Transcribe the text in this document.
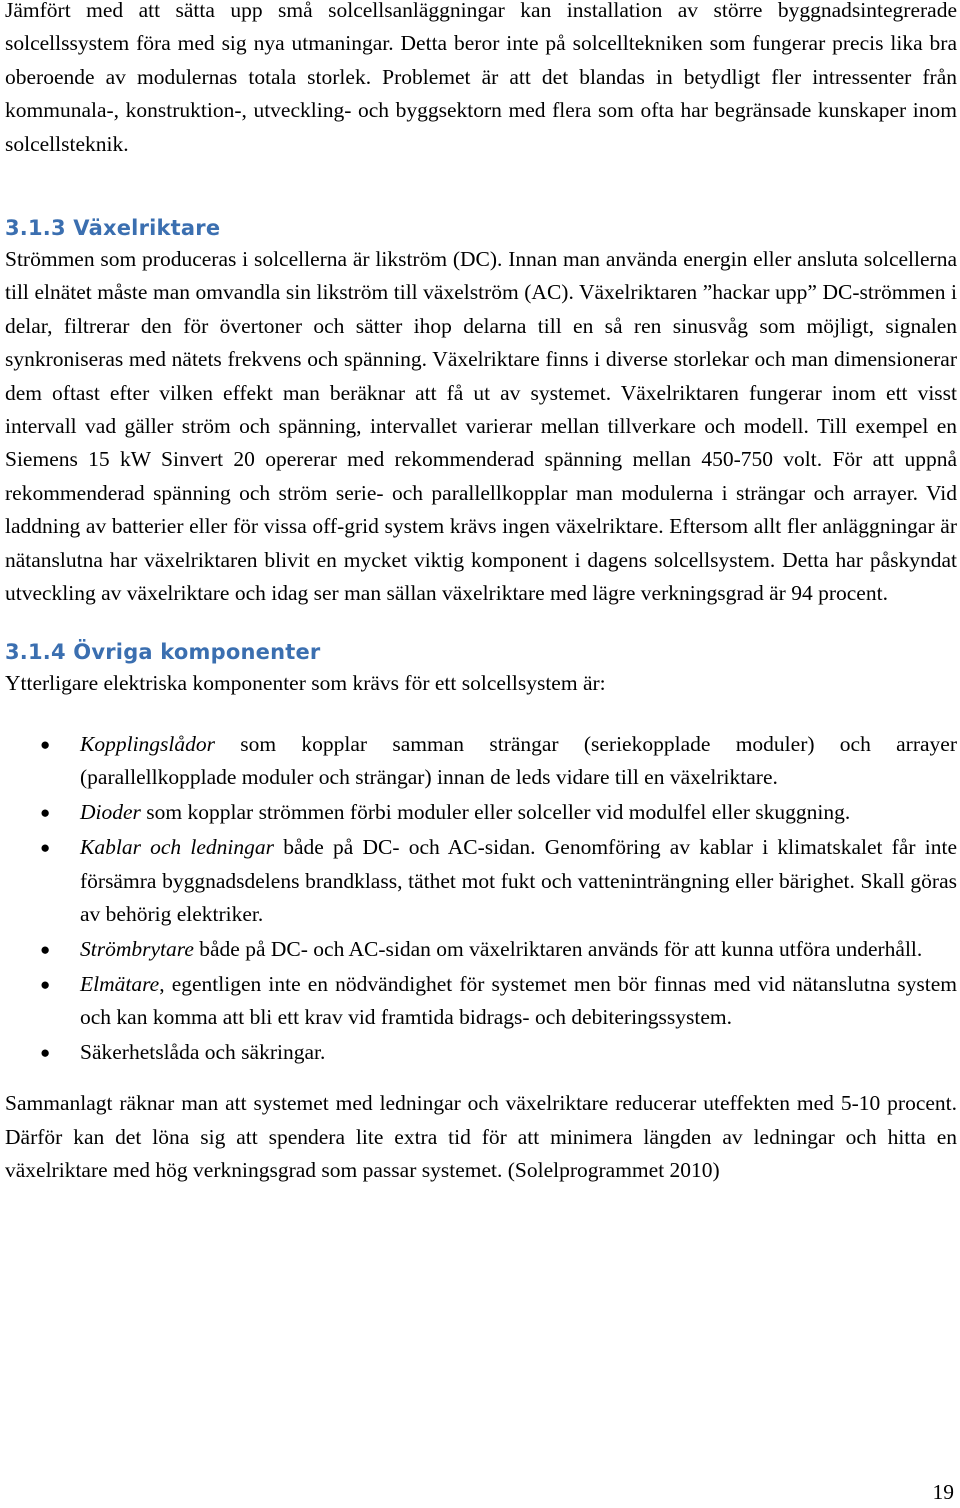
Jämfört med att sätta upp små solcellsanläggningar kan installation av större byggnadsintegrerade solcellssystem föra med sig nya utmaningar. Detta beror inte på solcelltekniken som fungerar precis lika bra oberoende av modulernas totala storlek. Problemet är att det blandas in betydligt fler intressenter från kommunala-, konstruktion-, utveckling- och byggsektorn med flera som ofta har begränsade kunskaper inom solcellsteknik.

3.1.3 Växelriktare

Strömmen som produceras i solcellerna är likström (DC). Innan man använda energin eller ansluta solcellerna till elnätet måste man omvandla sin likström till växelström (AC). Växelriktaren ”hackar upp” DC-strömmen i delar, filtrerar den för övertoner och sätter ihop delarna till en så ren sinusvåg som möjligt, signalen synkroniseras med nätets frekvens och spänning. Växelriktare finns i diverse storlekar och man dimensionerar dem oftast efter vilken effekt man beräknar att få ut av systemet. Växelriktaren fungerar inom ett visst intervall vad gäller ström och spänning, intervallet varierar mellan tillverkare och modell. Till exempel en Siemens 15 kW Sinvert 20 opererar med rekommenderad spänning mellan 450-750 volt. För att uppnå rekommenderad spänning och ström serie- och parallellkopplar man modulerna i strängar och arrayer. Vid laddning av batterier eller för vissa off-grid system krävs ingen växelriktare. Eftersom allt fler anläggningar är nätanslutna har växelriktaren blivit en mycket viktig komponent i dagens solcellsystem. Detta har påskyndat utveckling av växelriktare och idag ser man sällan växelriktare med lägre verkningsgrad är 94 procent.

3.1.4 Övriga komponenter

Ytterligare elektriska komponenter som krävs för ett solcellsystem är:

● Kopplingslådor som kopplar samman strängar (seriekopplade moduler) och arrayer (parallellkopplade moduler och strängar) innan de leds vidare till en växelriktare.
● Dioder som kopplar strömmen förbi moduler eller solceller vid modulfel eller skuggning.
● Kablar och ledningar både på DC- och AC-sidan. Genomföring av kablar i klimatskalet får inte försämra byggnadsdelens brandklass, täthet mot fukt och vatteninträngning eller bärighet. Skall göras av behörig elektriker.
● Strömbrytare både på DC- och AC-sidan om växelriktaren används för att kunna utföra underhåll.
● Elmätare, egentligen inte en nödvändighet för systemet men bör finnas med vid nätanslutna system och kan komma att bli ett krav vid framtida bidrags- och debiteringssystem.
● Säkerhetslåda och säkringar.

Sammanlagt räknar man att systemet med ledningar och växelriktare reducerar uteffekten med 5-10 procent. Därför kan det löna sig att spendera lite extra tid för att minimera längden av ledningar och hitta en växelriktare med hög verkningsgrad som passar systemet. (Solelprogrammet 2010)

19
